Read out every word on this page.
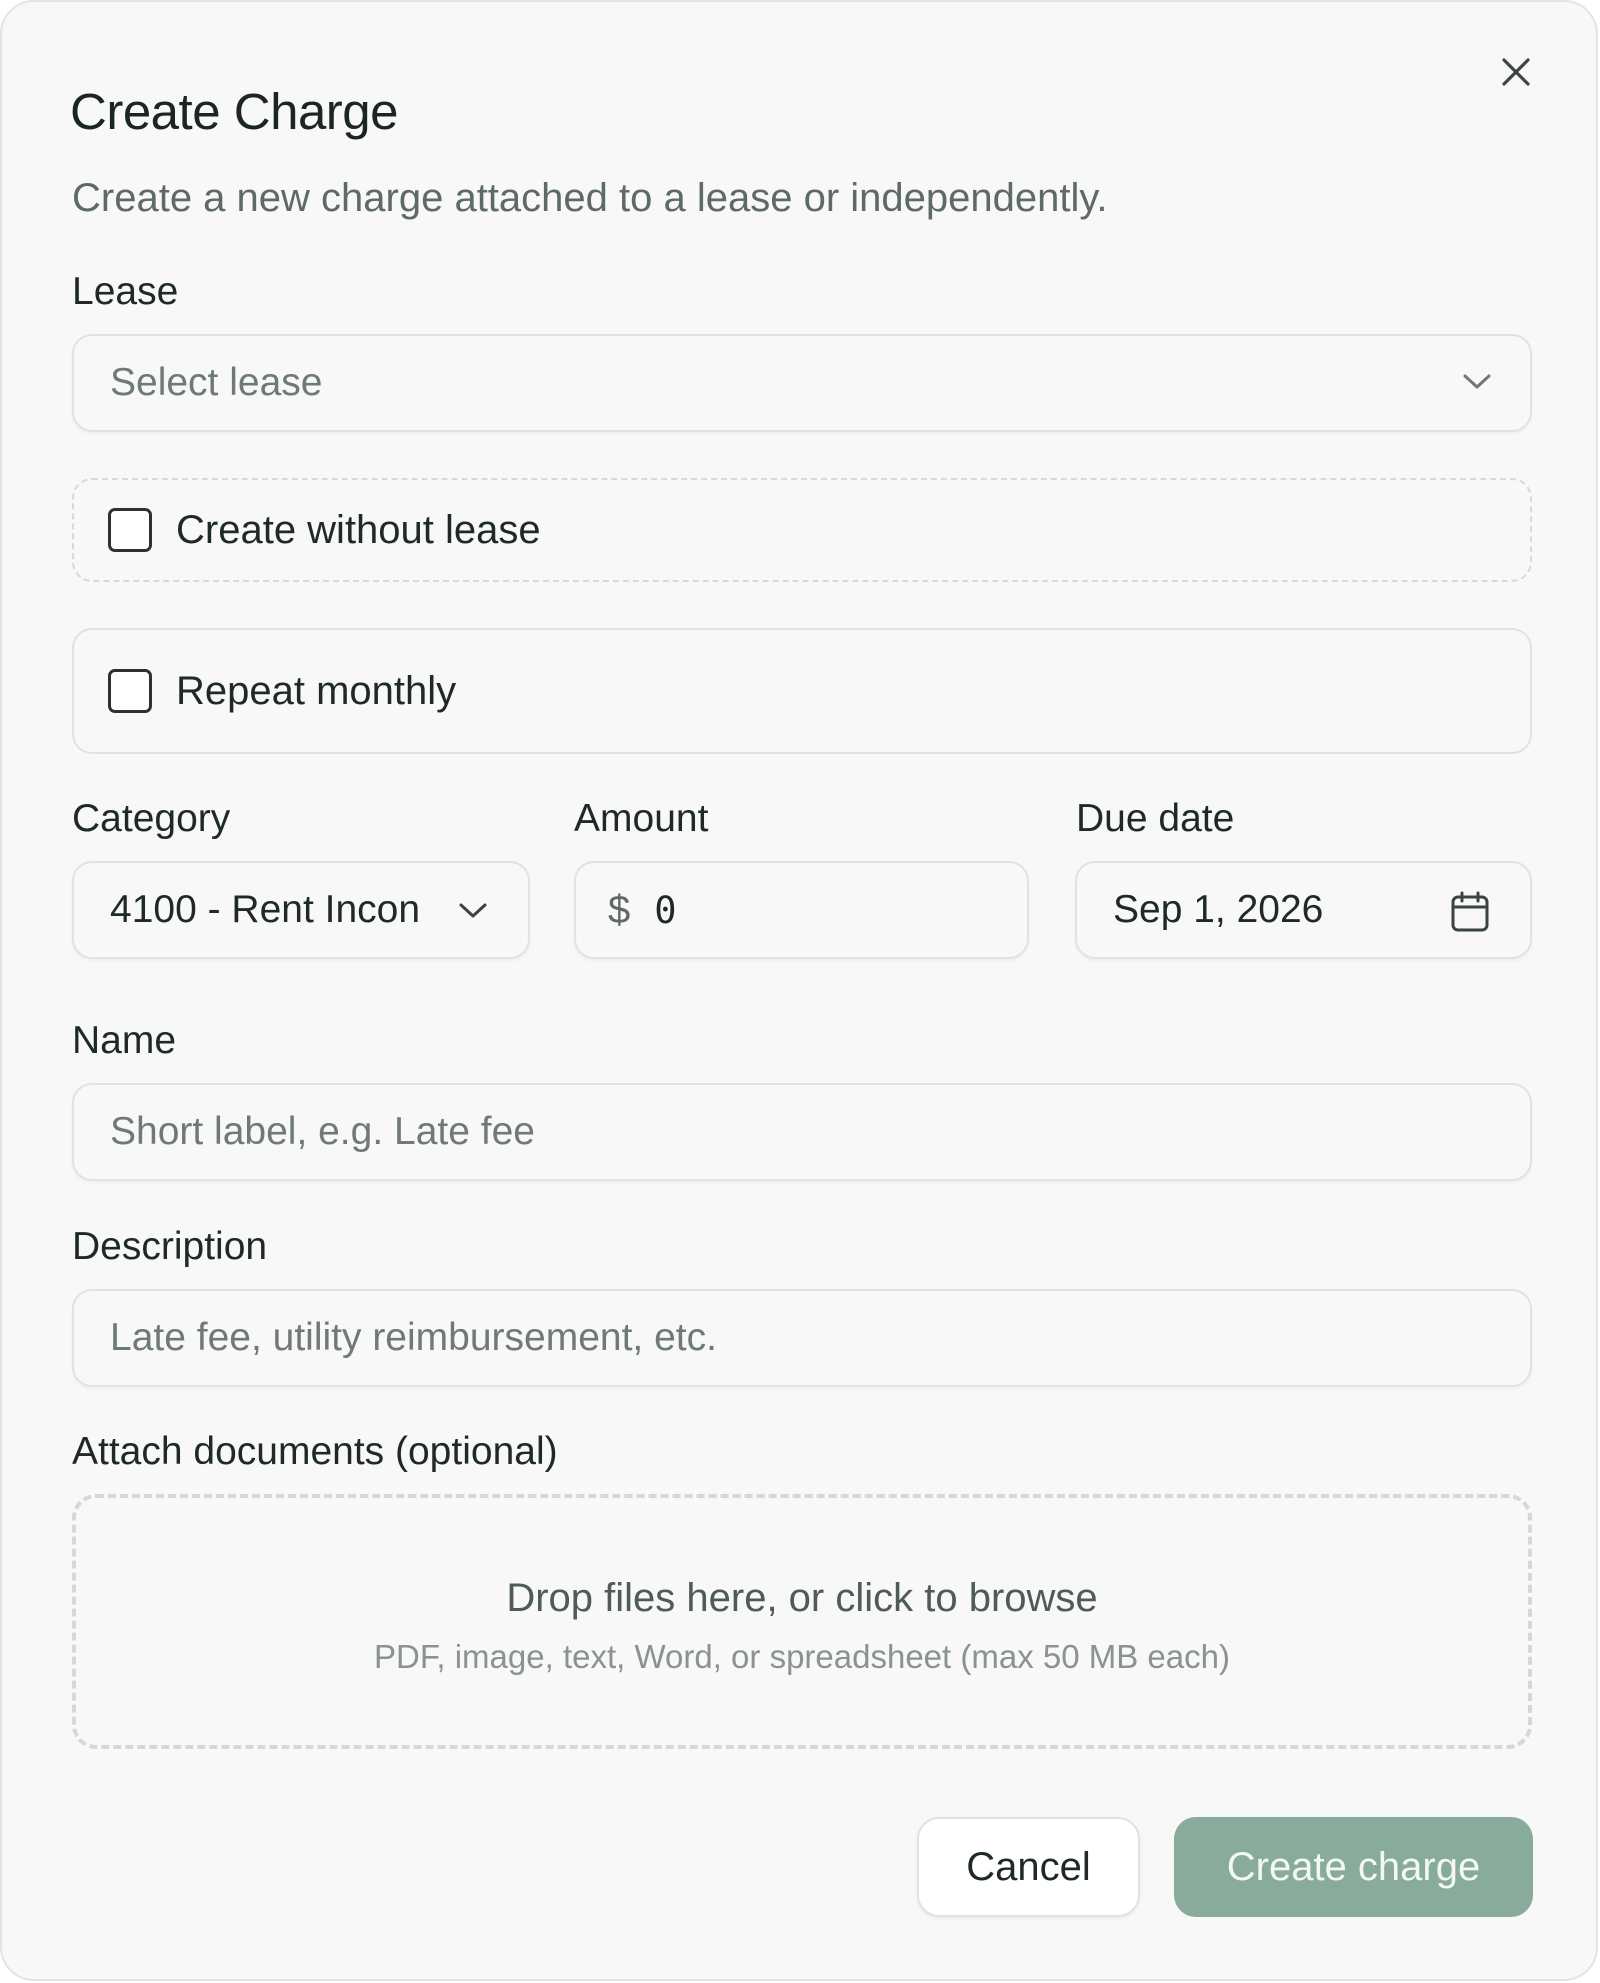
Create Charge
Create a new charge attached to a lease or independently.
Lease
Select lease
Create without lease
Repeat monthly
Category	Amount	Due date
4100 - Rent Incon	$ 0	Sep 1, 2026
Name
Short label, e.g. Late fee
Description
Late fee, utility reimbursement, etc.
Attach documents (optional)
Drop files here, or click to browse
PDF, image, text, Word, or spreadsheet (max 50 MB each)
Cancel	Create charge
